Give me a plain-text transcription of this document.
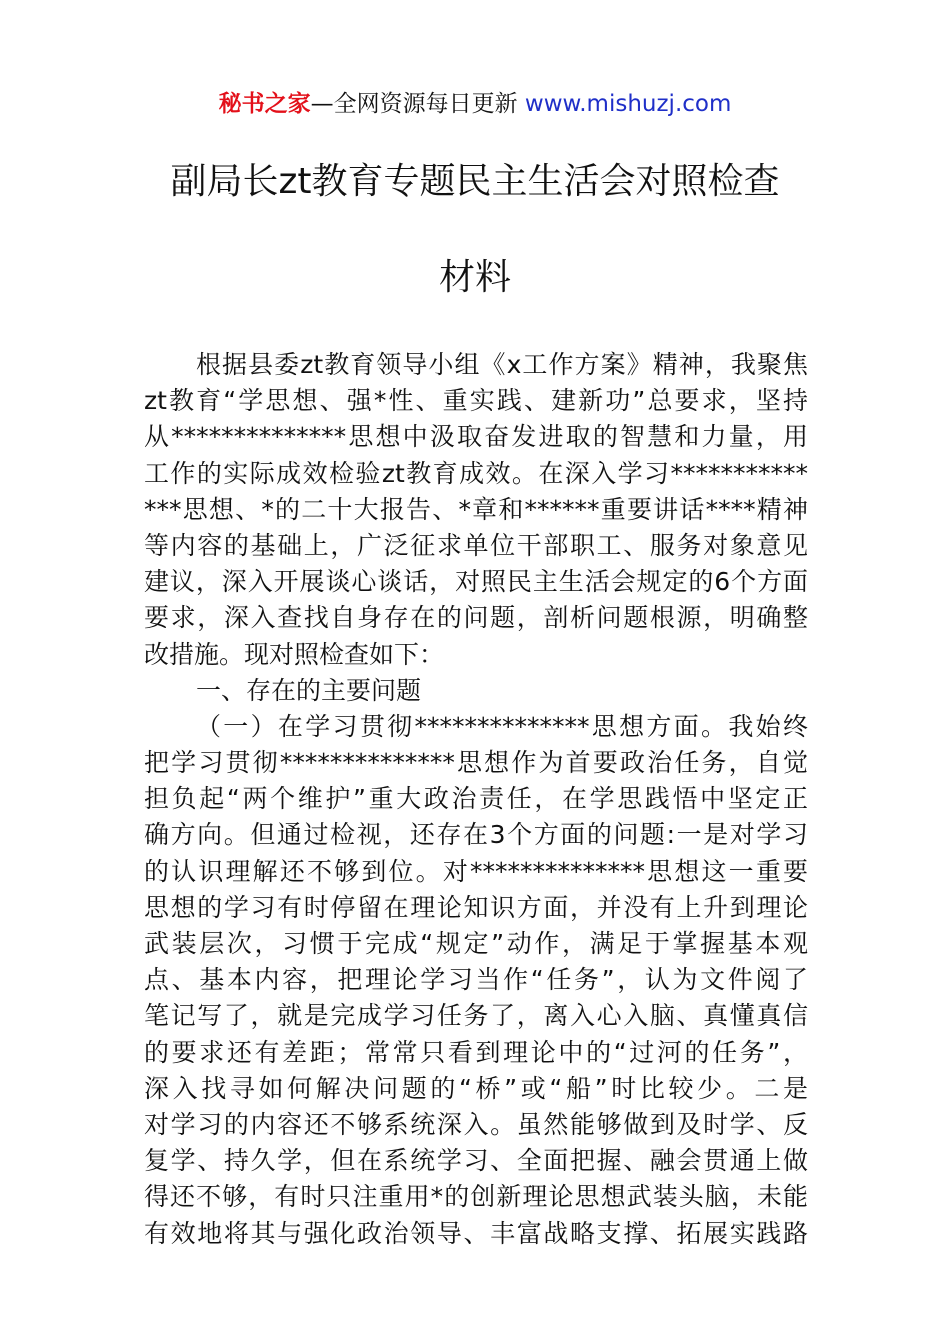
秘书之家—全网资源每日更新 www.mishuzj.com
副局长zt教育专题民主生活会对照检查
材料
根据县委zt教育领导小组《x工作方案》精神，我聚焦
zt教育“学思想、强*性、重实践、建新功”总要求，坚持
从**************思想中汲取奋发进取的智慧和力量，用
工作的实际成效检验zt教育成效。在深入学习***********
***思想、*的二十大报告、*章和******重要讲话****精神
等内容的基础上，广泛征求单位干部职工、服务对象意见
建议，深入开展谈心谈话，对照民主生活会规定的6个方面
要求，深入查找自身存在的问题，剖析问题根源，明确整
改措施。现对照检查如下：
一、存在的主要问题
（一）在学习贯彻**************思想方面。我始终
把学习贯彻**************思想作为首要政治任务，自觉
担负起“两个维护”重大政治责任，在学思践悟中坚定正
确方向。但通过检视，还存在3个方面的问题:一是对学习
的认识理解还不够到位。对**************思想这一重要
思想的学习有时停留在理论知识方面，并没有上升到理论
武装层次，习惯于完成“规定”动作，满足于掌握基本观
点、基本内容，把理论学习当作“任务”，认为文件阅了
笔记写了，就是完成学习任务了，离入心入脑、真懂真信
的要求还有差距；常常只看到理论中的“过河的任务”，
深入找寻如何解决问题的“桥”或“船”时比较少。二是
对学习的内容还不够系统深入。虽然能够做到及时学、反
复学、持久学，但在系统学习、全面把握、融会贯通上做
得还不够，有时只注重用*的创新理论思想武装头脑，未能
有效地将其与强化政治领导、丰富战略支撑、拓展实践路
